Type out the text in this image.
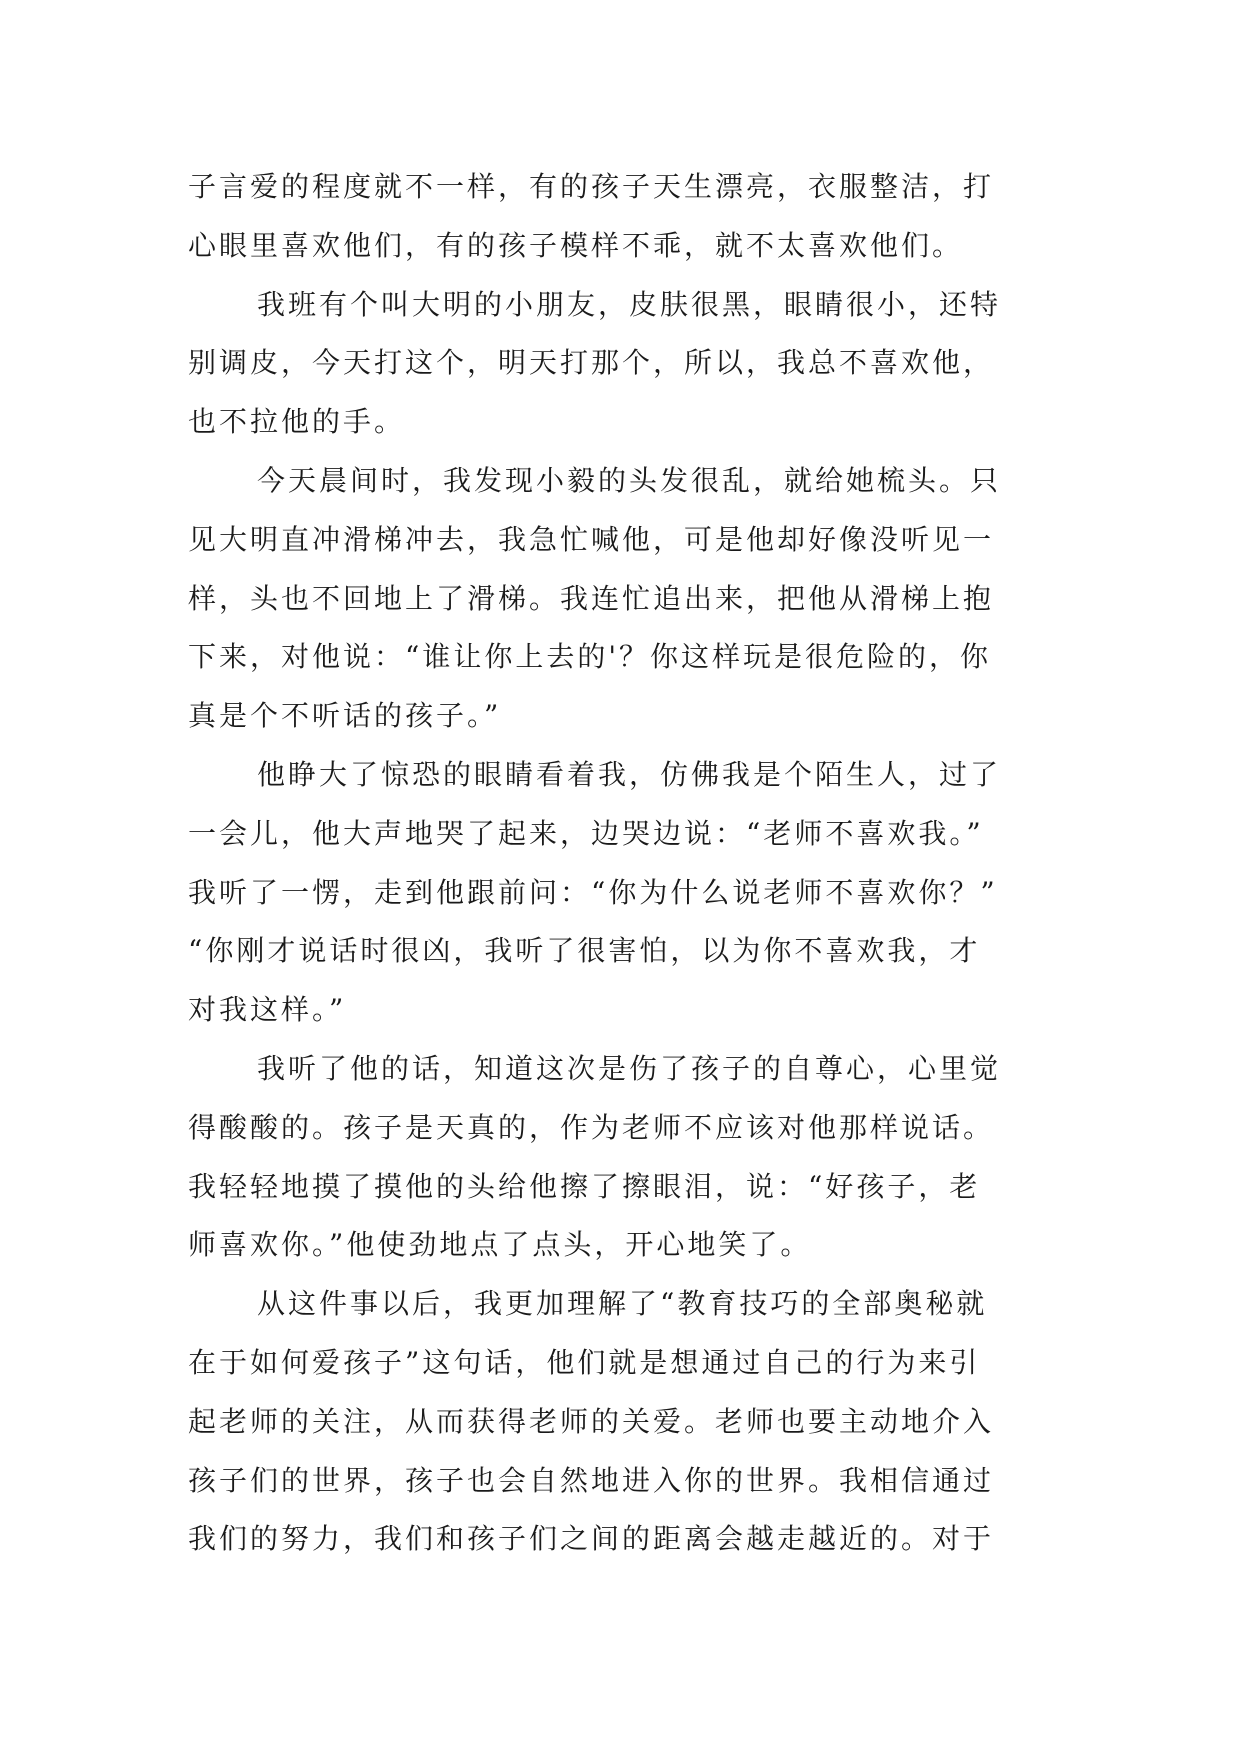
子言爱的程度就不一样，有的孩子天生漂亮，衣服整洁，打
心眼里喜欢他们，有的孩子模样不乖，就不太喜欢他们。
我班有个叫大明的小朋友，皮肤很黑，眼睛很小，还特
别调皮，今天打这个，明天打那个，所以，我总不喜欢他，
也不拉他的手。
今天晨间时，我发现小毅的头发很乱，就给她梳头。只
见大明直冲滑梯冲去，我急忙喊他，可是他却好像没听见一
样，头也不回地上了滑梯。我连忙追出来，把他从滑梯上抱
下来，对他说：“谁让你上去的'？你这样玩是很危险的，你
真是个不听话的孩子。”
他睁大了惊恐的眼睛看着我，仿佛我是个陌生人，过了
一会儿，他大声地哭了起来，边哭边说：“老师不喜欢我。”
我听了一愣，走到他跟前问：“你为什么说老师不喜欢你？”
“你刚才说话时很凶，我听了很害怕，以为你不喜欢我，才
对我这样。”
我听了他的话，知道这次是伤了孩子的自尊心，心里觉
得酸酸的。孩子是天真的，作为老师不应该对他那样说话。
我轻轻地摸了摸他的头给他擦了擦眼泪，说：“好孩子，老
师喜欢你。”他使劲地点了点头，开心地笑了。
从这件事以后，我更加理解了“教育技巧的全部奥秘就
在于如何爱孩子”这句话，他们就是想通过自己的行为来引
起老师的关注，从而获得老师的关爱。老师也要主动地介入
孩子们的世界，孩子也会自然地进入你的世界。我相信通过
我们的努力，我们和孩子们之间的距离会越走越近的。对于
